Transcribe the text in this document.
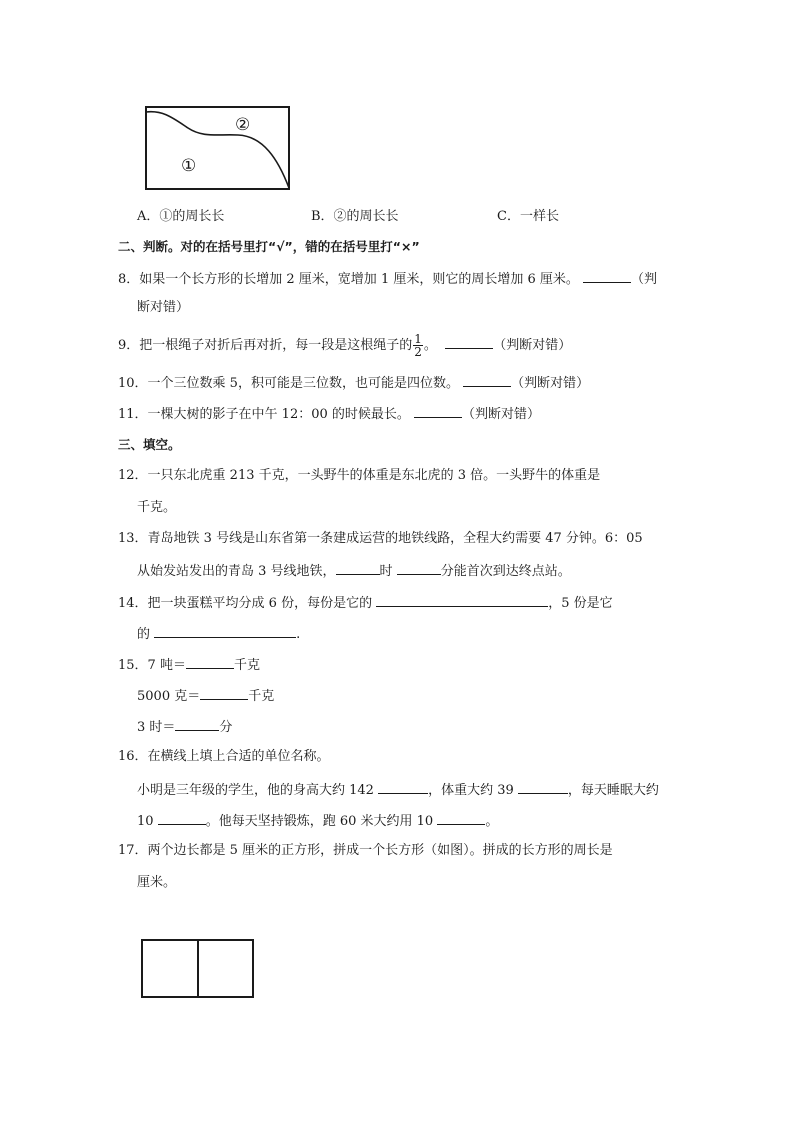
②
①
A．①的周长长	B．②的周长长	C．一样长
二、判断。对的在括号里打“√”，错的在括号里打“×”
8．如果一个长方形的长增加 2 厘米，宽增加 1 厘米，则它的周长增加 6 厘米。	（判
断对错）
9．把一根绳子对折后再对折，每一段是这根绳子的 $\frac{1}{2}$ 。	（判断对错）
10．一个三位数乘 5，积可能是三位数，也可能是四位数。	（判断对错）
11．一棵大树的影子在中午 12：00 的时候最长。	（判断对错）
三、填空。
12．一只东北虎重 213 千克，一头野牛的体重是东北虎的 3 倍。一头野牛的体重是
千克。
13．青岛地铁 3 号线是山东省第一条建成运营的地铁线路，全程大约需要 47 分钟。6：05
从始发站发出的青岛 3 号线地铁，	时	分能首次到达终点站。
14．把一块蛋糕平均分成 6 份，每份是它的	，5 份是它
的	.
15．7 吨＝	千克
5000 克＝	千克
3 时＝	分
16．在横线上填上合适的单位名称。
小明是三年级的学生，他的身高大约 142	，体重大约 39	，每天睡眠大约
10	。他每天坚持锻炼，跑 60 米大约用 10	。
17．两个边长都是 5 厘米的正方形，拼成一个长方形（如图）。拼成的长方形的周长是
厘米。
